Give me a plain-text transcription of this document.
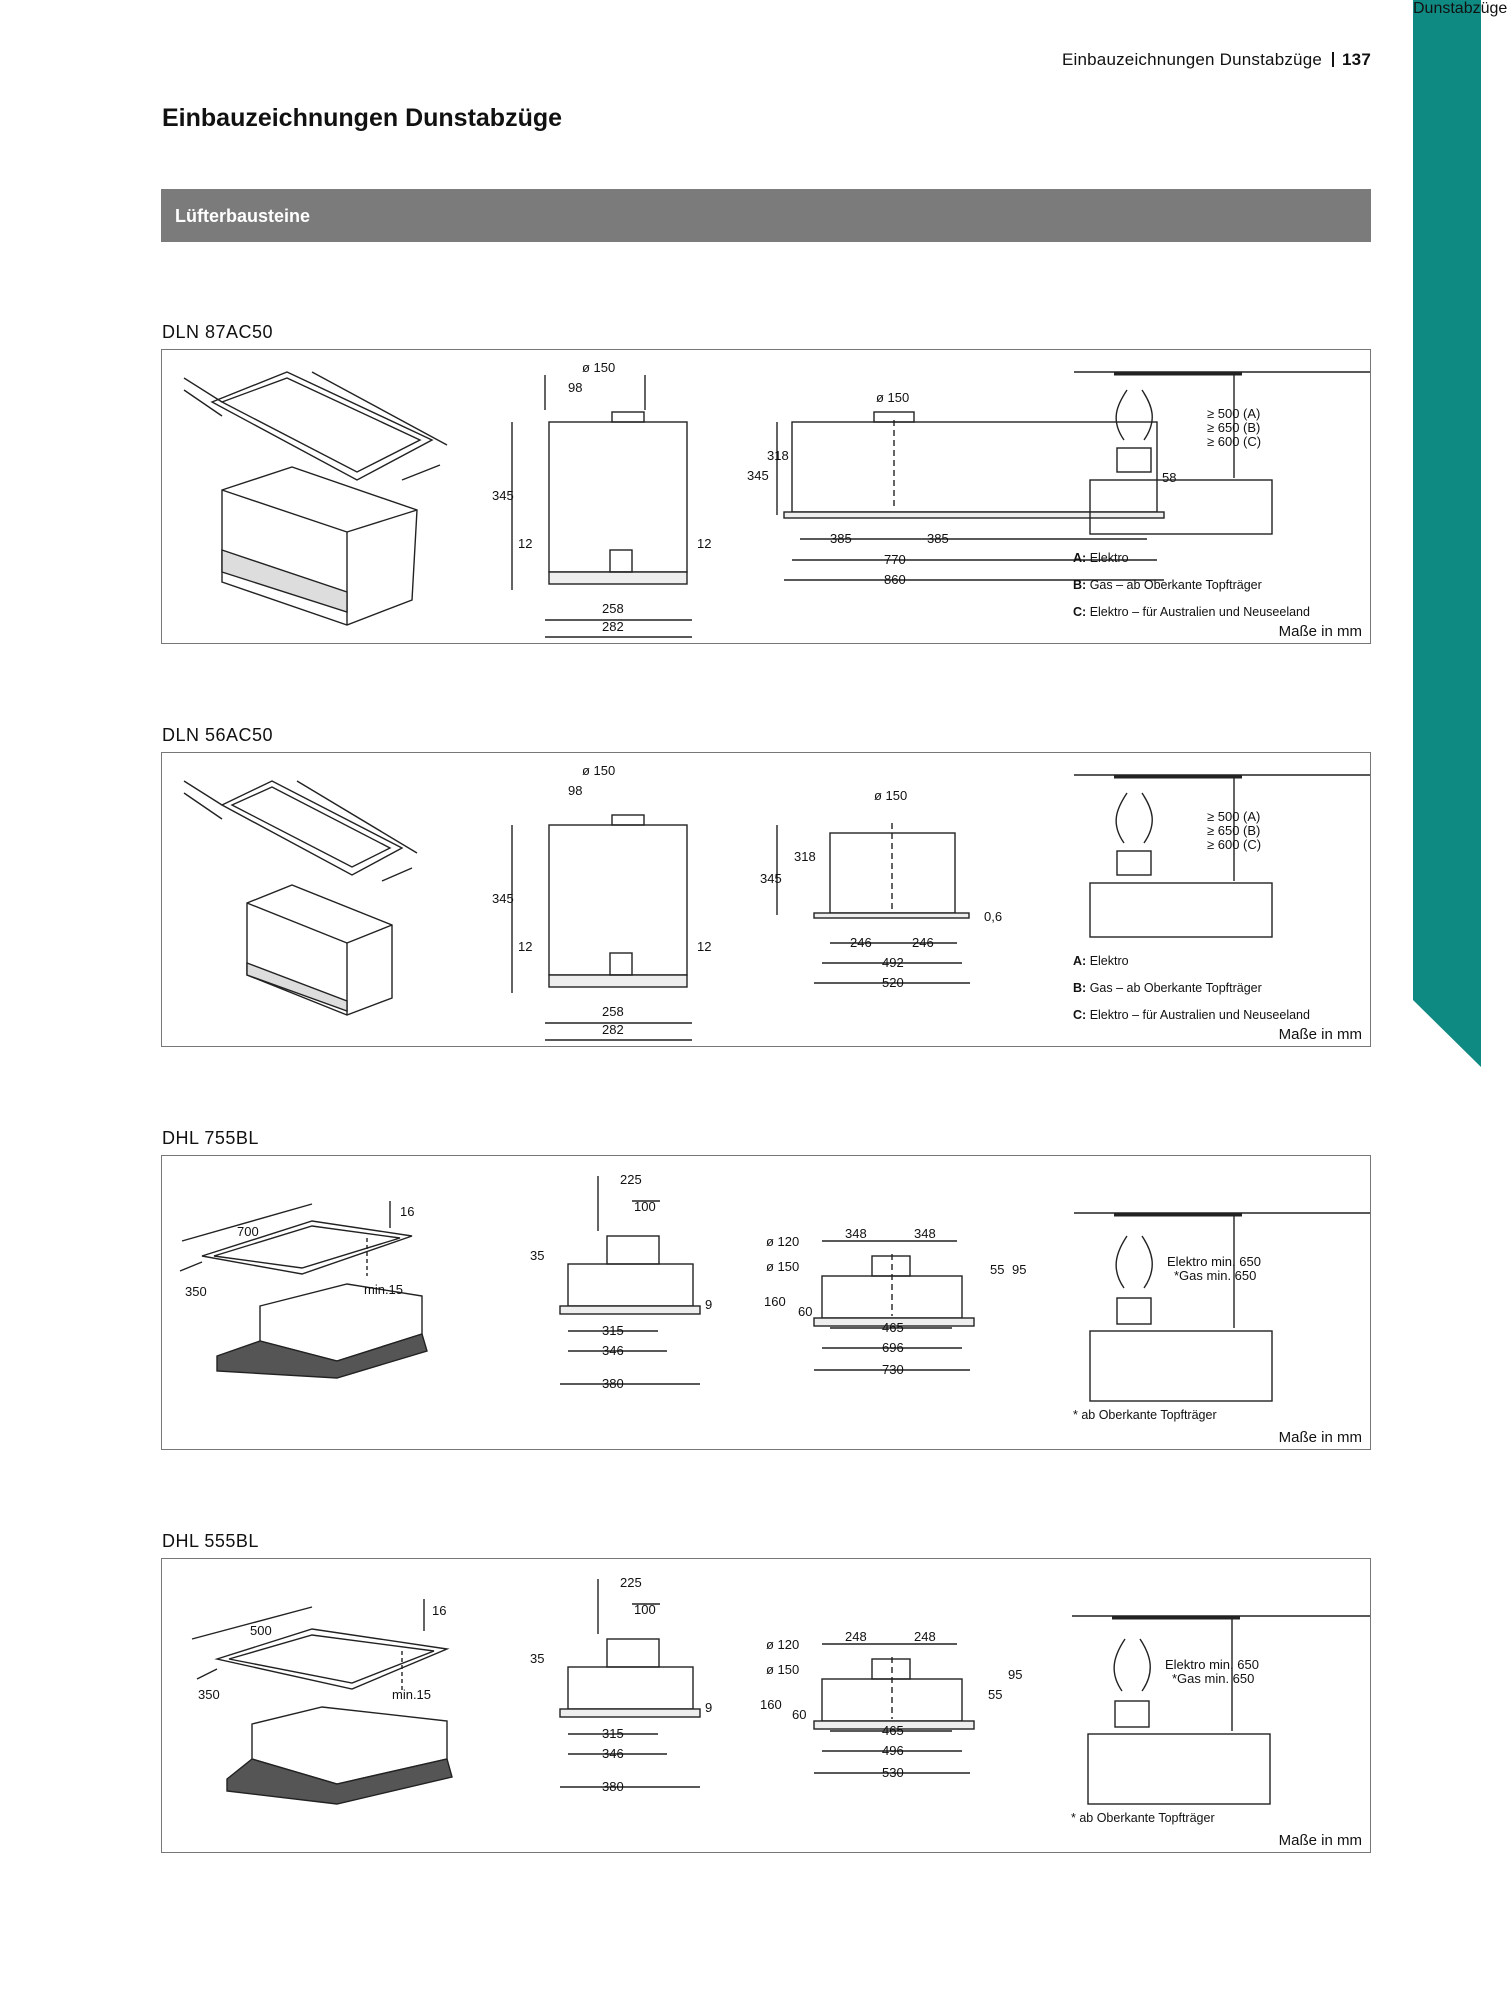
Einbauzeichnungen Dunstabzüge 137
Einbauzeichnungen Dunstabzüge
Lüfterbausteine
Dunstabzüge
DLN 87AC50
ø 150
98
345
12	12
258
282
ø 150
318
345	58
385	385
770
860
≥ 500 (A)
≥ 650 (B)
≥ 600 (C)
A: Elektro
B: Gas – ab Oberkante Topfträger
C: Elektro – für Australien und Neuseeland
Maße in mm
DLN 56AC50
ø 150
98
345
12	12
258
282
ø 150
318
345
0,6
246	246
492
520
≥ 500 (A)
≥ 650 (B)
≥ 600 (C)
A: Elektro
B: Gas – ab Oberkante Topfträger
C: Elektro – für Australien und Neuseeland
Maße in mm
DHL 755BL
700
350
16
min.15
225
100
35
9
315
346
380
ø 120
ø 150
160
60
55 95
348	348
465
696
730
Elektro min. 650
*Gas min. 650
* ab Oberkante Topfträger
Maße in mm
DHL 555BL
500
350
16
min.15
225
100
35
9
315
346
380
ø 120
ø 150
160
60
95
55
248	248
465
496
530
Elektro min. 650
*Gas min. 650
* ab Oberkante Topfträger
Maße in mm
